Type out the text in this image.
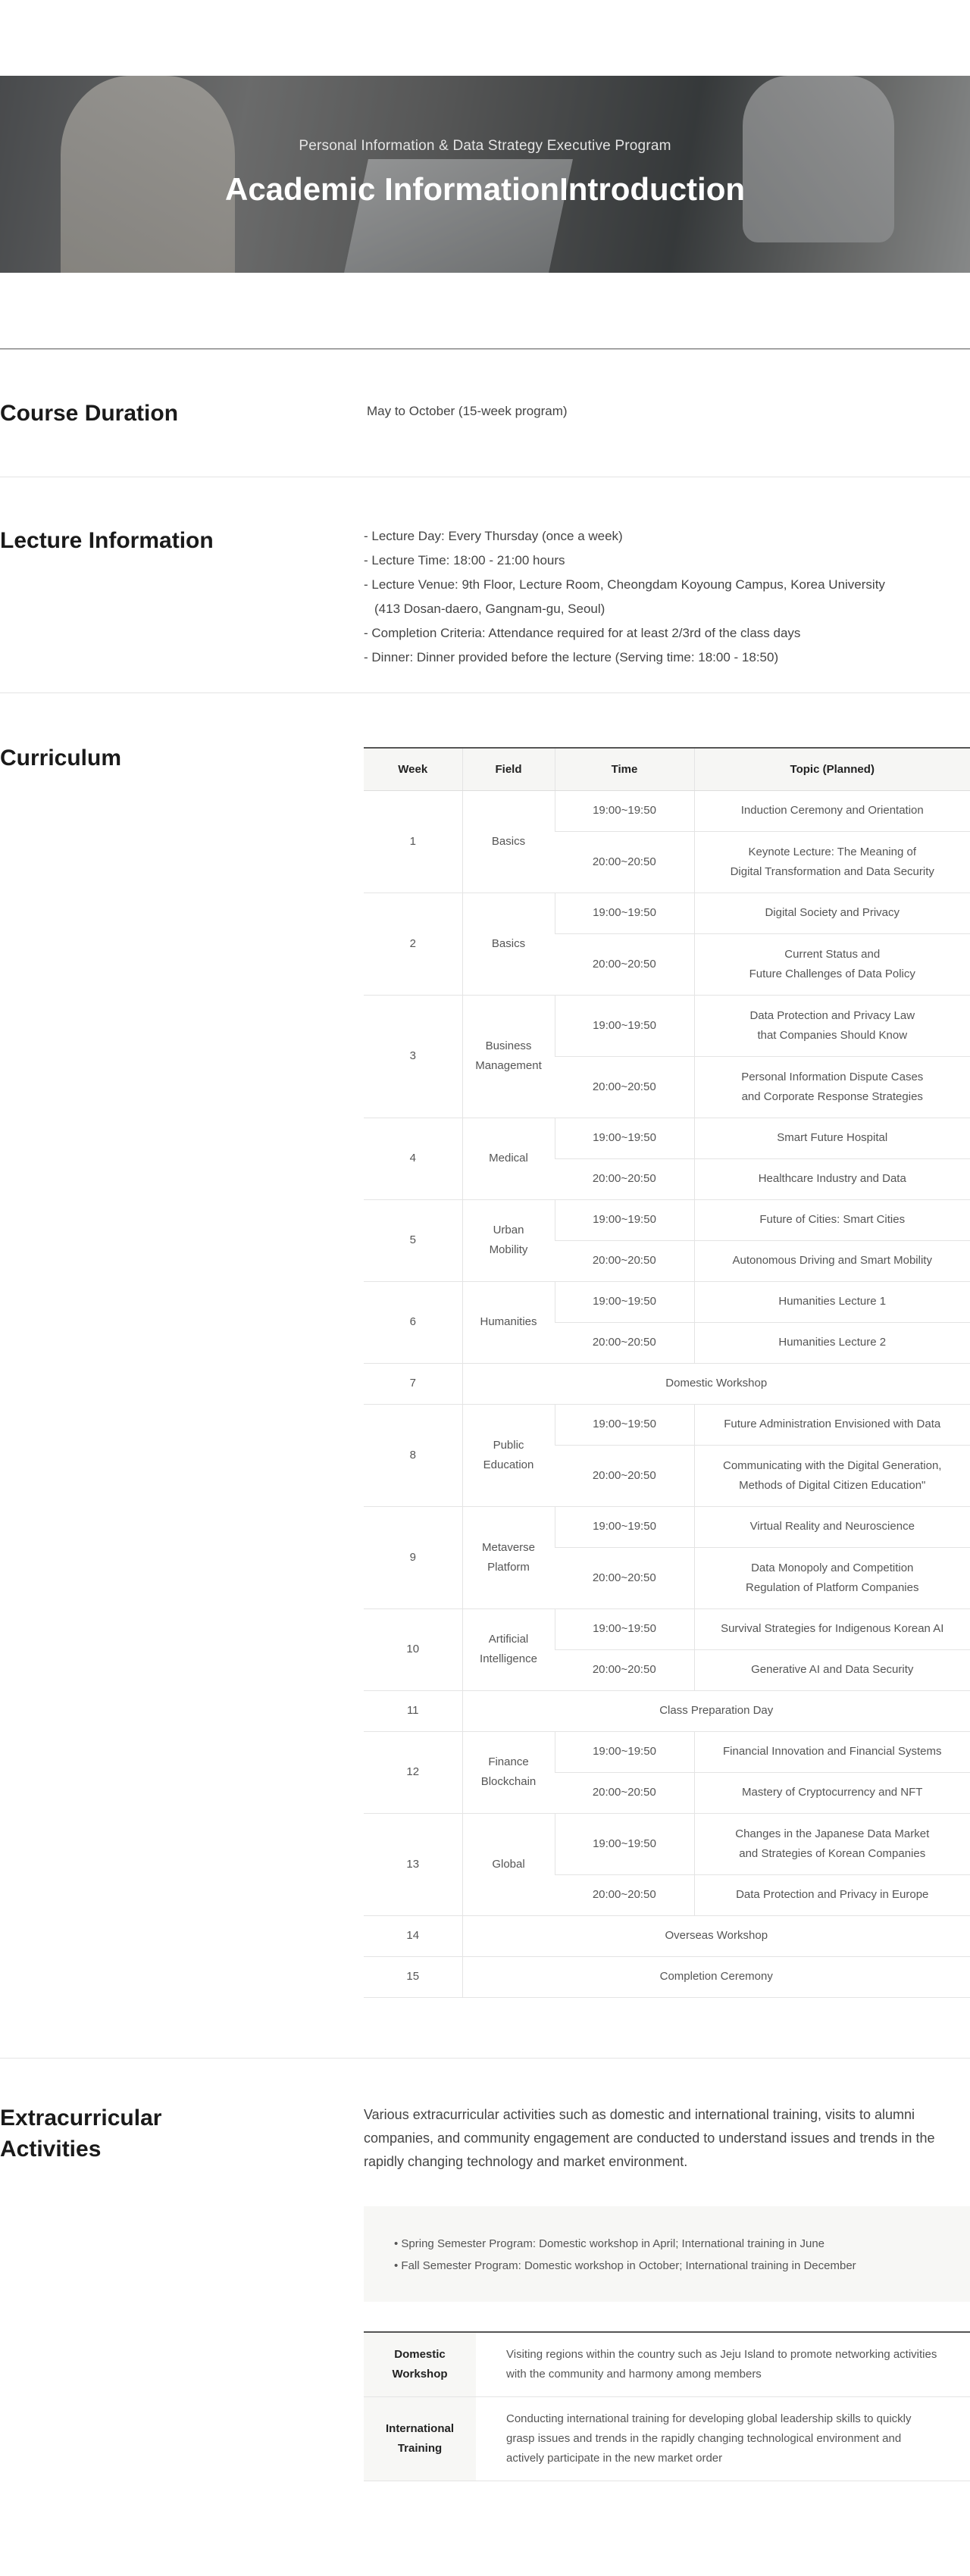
Personal Information & Data Strategy Executive Program
Academic InformationIntroduction
Course Duration	May to October (15-week program)
Lecture Information	- Lecture Day: Every Thursday (once a week)
- Lecture Time: 18:00 - 21:00 hours
- Lecture Venue: 9th Floor, Lecture Room, Cheongdam Koyoung Campus, Korea University
(413 Dosan-daero, Gangnam-gu, Seoul)
- Completion Criteria: Attendance required for at least 2/3rd of the class days
- Dinner: Dinner provided before the lecture (Serving time: 18:00 - 18:50)
Curriculum	Week	Field	Time	Topic (Planned)
1	Basics	19:00~19:50	Induction Ceremony and Orientation
		20:00~20:50	Keynote Lecture: The Meaning of
Digital Transformation and Data Security
2	Basics	19:00~19:50	Digital Society and Privacy
		20:00~20:50	Current Status and
Future Challenges of Data Policy
3	Business
Management	19:00~19:50	Data Protection and Privacy Law
that Companies Should Know
		20:00~20:50	Personal Information Dispute Cases
and Corporate Response Strategies
4	Medical	19:00~19:50	Smart Future Hospital
		20:00~20:50	Healthcare Industry and Data
5	Urban
Mobility	19:00~19:50	Future of Cities: Smart Cities
		20:00~20:50	Autonomous Driving and Smart Mobility
6	Humanities	19:00~19:50	Humanities Lecture 1
		20:00~20:50	Humanities Lecture 2
7	Domestic Workshop		
8	Public
Education	19:00~19:50	Future Administration Envisioned with Data
		20:00~20:50	Communicating with the Digital Generation,
Methods of Digital Citizen Education"
9	Metaverse
Platform	19:00~19:50	Virtual Reality and Neuroscience
		20:00~20:50	Data Monopoly and Competition
Regulation of Platform Companies
10	Artificial
Intelligence	19:00~19:50	Survival Strategies for Indigenous Korean AI
		20:00~20:50	Generative AI and Data Security
11	Class Preparation Day		
12	Finance
Blockchain	19:00~19:50	Financial Innovation and Financial Systems
		20:00~20:50	Mastery of Cryptocurrency and NFT
13	Global	19:00~19:50	Changes in the Japanese Data Market
and Strategies of Korean Companies
		20:00~20:50	Data Protection and Privacy in Europe
14	Overseas Workshop		
15	Completion Ceremony		
Extracurricular
Activities
Various extracurricular activities such as domestic and international training, visits to alumni companies, and community engagement are conducted to understand issues and trends in the rapidly changing technology and market environment.
• Spring Semester Program: Domestic workshop in April; International training in June
• Fall Semester Program: Domestic workshop in October; International training in December
Domestic
Workshop	Visiting regions within the country such as Jeju Island to promote networking activities with the community and harmony among members
International
Training	Conducting international training for developing global leadership skills to quickly grasp issues and trends in the rapidly changing technological environment and actively participate in the new market order
